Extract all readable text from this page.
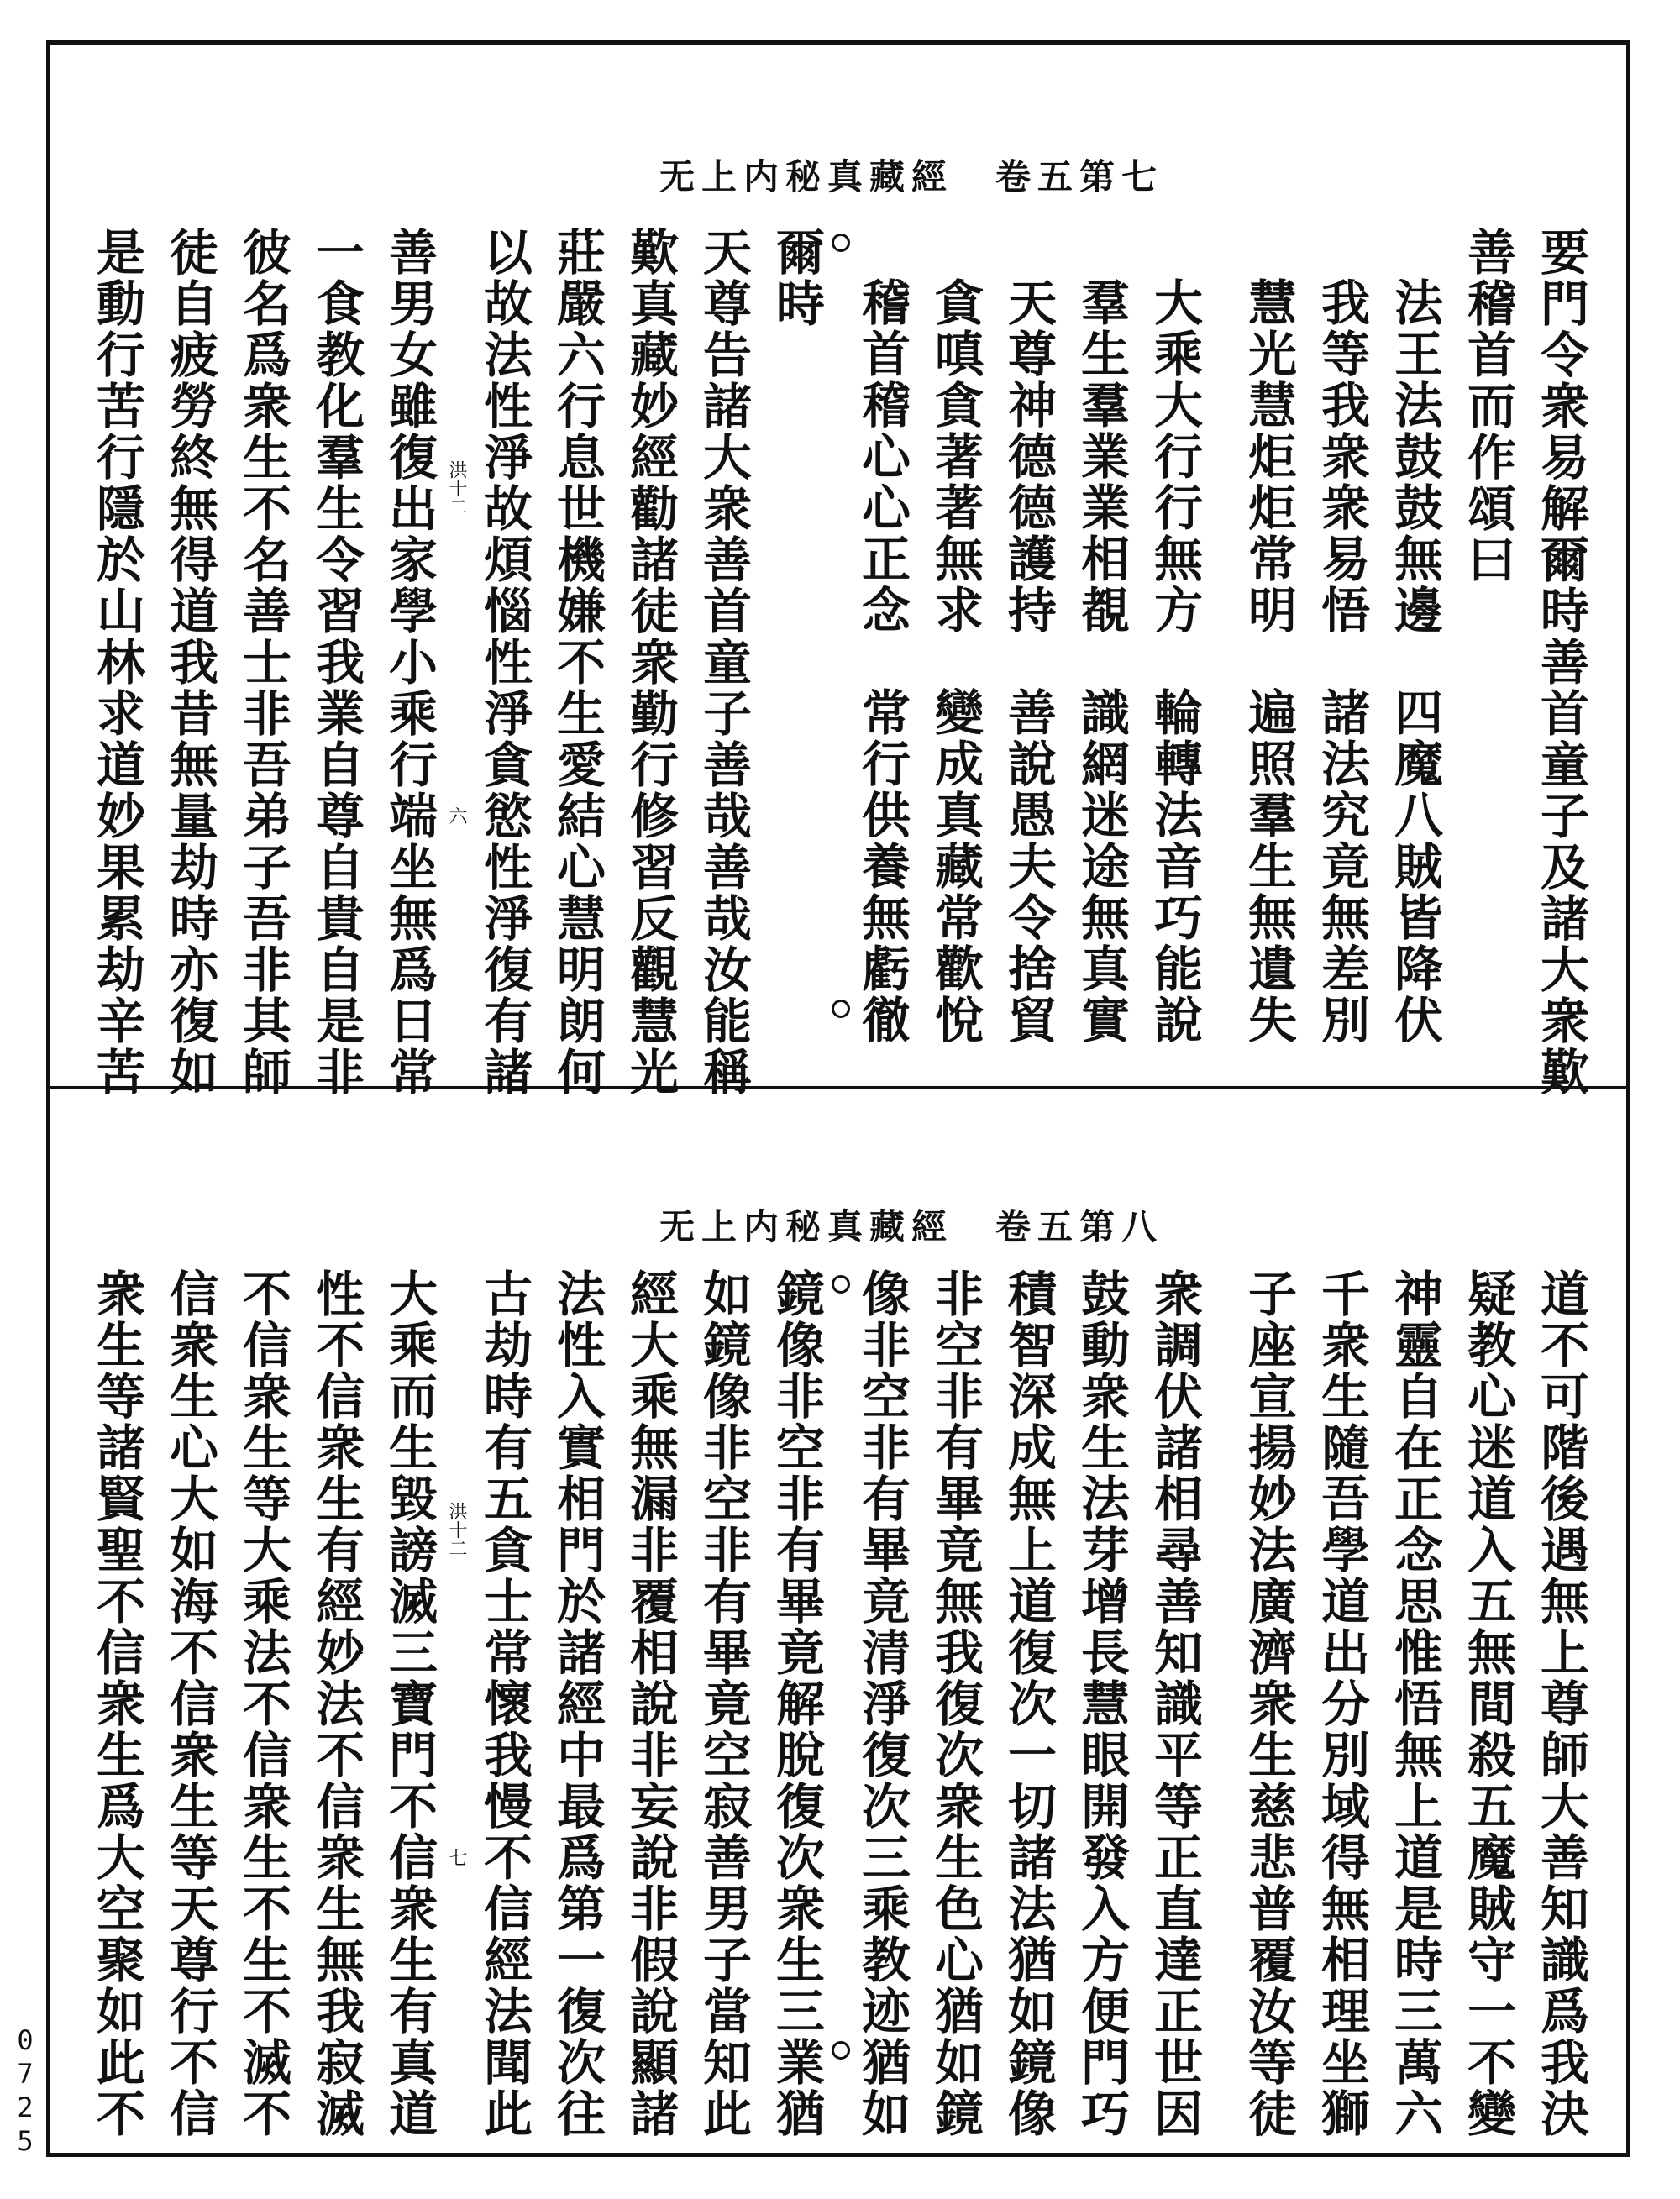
无上内秘真藏經　卷五第七
要門令衆易解爾時善首童子及諸大衆歎
善稽首而作頌曰
法王法鼓鼓無邊　四魔八賊皆降伏
我等我衆衆易悟　諸法究竟無差別
慧光慧炬炬常明　遍照羣生無遺失
大乘大行行無方　輪轉法音巧能說
羣生羣業業相覩　識網迷途無真實
天尊神德德護持　善說愚夫令捨貿
貪嗔貪著著無求　變成真藏常歡悅
稽首稽心心正念　常行供養無虧徹
爾時
天尊告諸大衆善首童子善哉善哉汝能稱
歎真藏妙經勸諸徒衆勤行修習反觀慧光
莊嚴六行息世機嫌不生愛結心慧明朗何
以故法性淨故煩惱性淨貪慾性淨復有諸
洪十二
六
善男女雖復出家學小乘行端坐無爲日常
一食教化羣生令習我業自尊自貴自是非
彼名爲衆生不名善士非吾弟子吾非其師
徒自疲勞終無得道我昔無量劫時亦復如
是動行苦行隱於山林求道妙果累劫辛苦
无上内秘真藏經　卷五第八
道不可階後遇無上尊師大善知識爲我決
疑教心迷道入五無間殺五魔賊守一不變
神靈自在正念思惟悟無上道是時三萬六
千衆生隨吾學道出分別域得無相理坐獅
子座宣揚妙法廣濟衆生慈悲普覆汝等徒
衆調伏諸相尋善知識平等正直達正世因
鼓動衆生法芽增長慧眼開發入方便門巧
積智深成無上道復次一切諸法猶如鏡像
非空非有畢竟無我復次衆生色心猶如鏡
像非空非有畢竟清淨復次三乘教迹猶如
鏡像非空非有畢竟解脫復次衆生三業猶
如鏡像非空非有畢竟空寂善男子當知此
經大乘無漏非覆相說非妄說非假說顯諸
法性入實相門於諸經中最爲第一復次往
古劫時有五貪士常懷我慢不信經法聞此
洪十二
七
大乘而生毀謗滅三寶門不信衆生有真道
性不信衆生有經妙法不信衆生無我寂滅
不信衆生等大乘法不信衆生不生不滅不
信衆生心大如海不信衆生等天尊行不信
衆生等諸賢聖不信衆生爲大空聚如此不
0725
